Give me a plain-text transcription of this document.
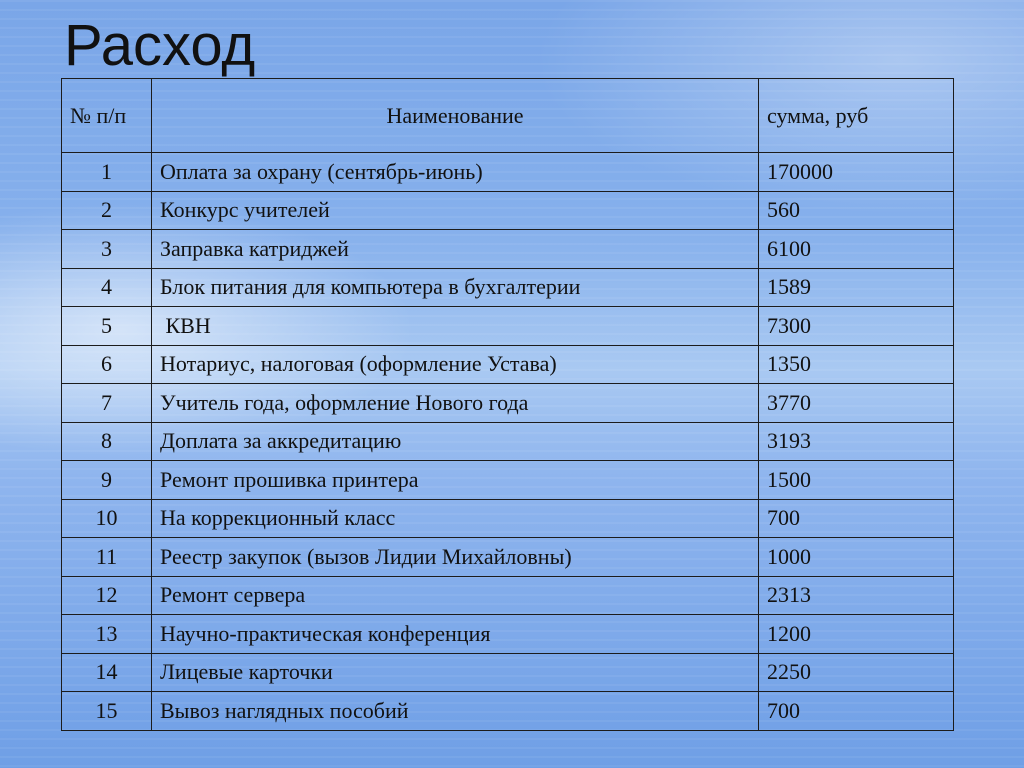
Расход
№ п/п	Наименование	сумма, руб
1	Оплата за охрану (сентябрь-июнь)	170000
2	Конкурс учителей	560
3	Заправка катриджей	6100
4	Блок питания для компьютера в бухгалтерии	1589
5	КВН	7300
6	Нотариус, налоговая (оформление Устава)	1350
7	Учитель года, оформление Нового года	3770
8	Доплата за аккредитацию	3193
9	Ремонт прошивка принтера	1500
10	На коррекционный класс	700
11	Реестр закупок (вызов Лидии Михайловны)	1000
12	Ремонт сервера	2313
13	Научно-практическая конференция	1200
14	Лицевые карточки	2250
15	Вывоз наглядных пособий	700
